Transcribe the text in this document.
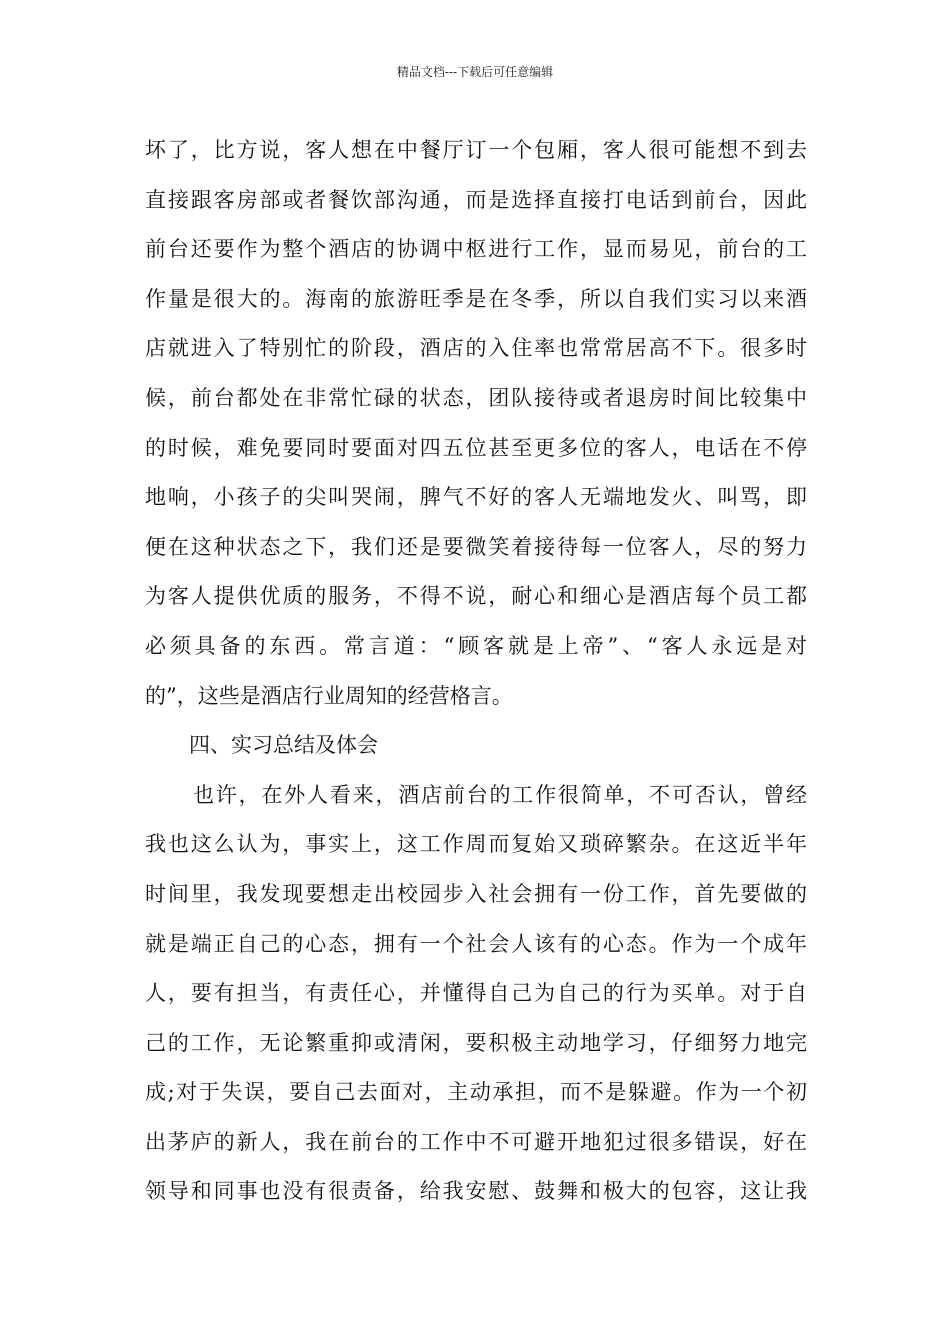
精品文档---下载后可任意编辑
坏了，比方说，客人想在中餐厅订一个包厢，客人很可能想不到去
直接跟客房部或者餐饮部沟通，而是选择直接打电话到前台，因此
前台还要作为整个酒店的协调中枢进行工作，显而易见，前台的工
作量是很大的。海南的旅游旺季是在冬季，所以自我们实习以来酒
店就进入了特别忙的阶段，酒店的入住率也常常居高不下。很多时
候，前台都处在非常忙碌的状态，团队接待或者退房时间比较集中
的时候，难免要同时要面对四五位甚至更多位的客人，电话在不停
地响，小孩子的尖叫哭闹，脾气不好的客人无端地发火、叫骂，即
便在这种状态之下，我们还是要微笑着接待每一位客人，尽的努力
为客人提供优质的服务，不得不说，耐心和细心是酒店每个员工都
必须具备的东西。常言道：“顾客就是上帝”、“客人永远是对
的”，这些是酒店行业周知的经营格言。
四、实习总结及体会
也许，在外人看来，酒店前台的工作很简单，不可否认，曾经
我也这么认为，事实上，这工作周而复始又琐碎繁杂。在这近半年
时间里，我发现要想走出校园步入社会拥有一份工作，首先要做的
就是端正自己的心态，拥有一个社会人该有的心态。作为一个成年
人，要有担当，有责任心，并懂得自己为自己的行为买单。对于自
己的工作，无论繁重抑或清闲，要积极主动地学习，仔细努力地完
成;对于失误，要自己去面对，主动承担，而不是躲避。作为一个初
出茅庐的新人，我在前台的工作中不可避开地犯过很多错误，好在
领导和同事也没有很责备，给我安慰、鼓舞和极大的包容，这让我
